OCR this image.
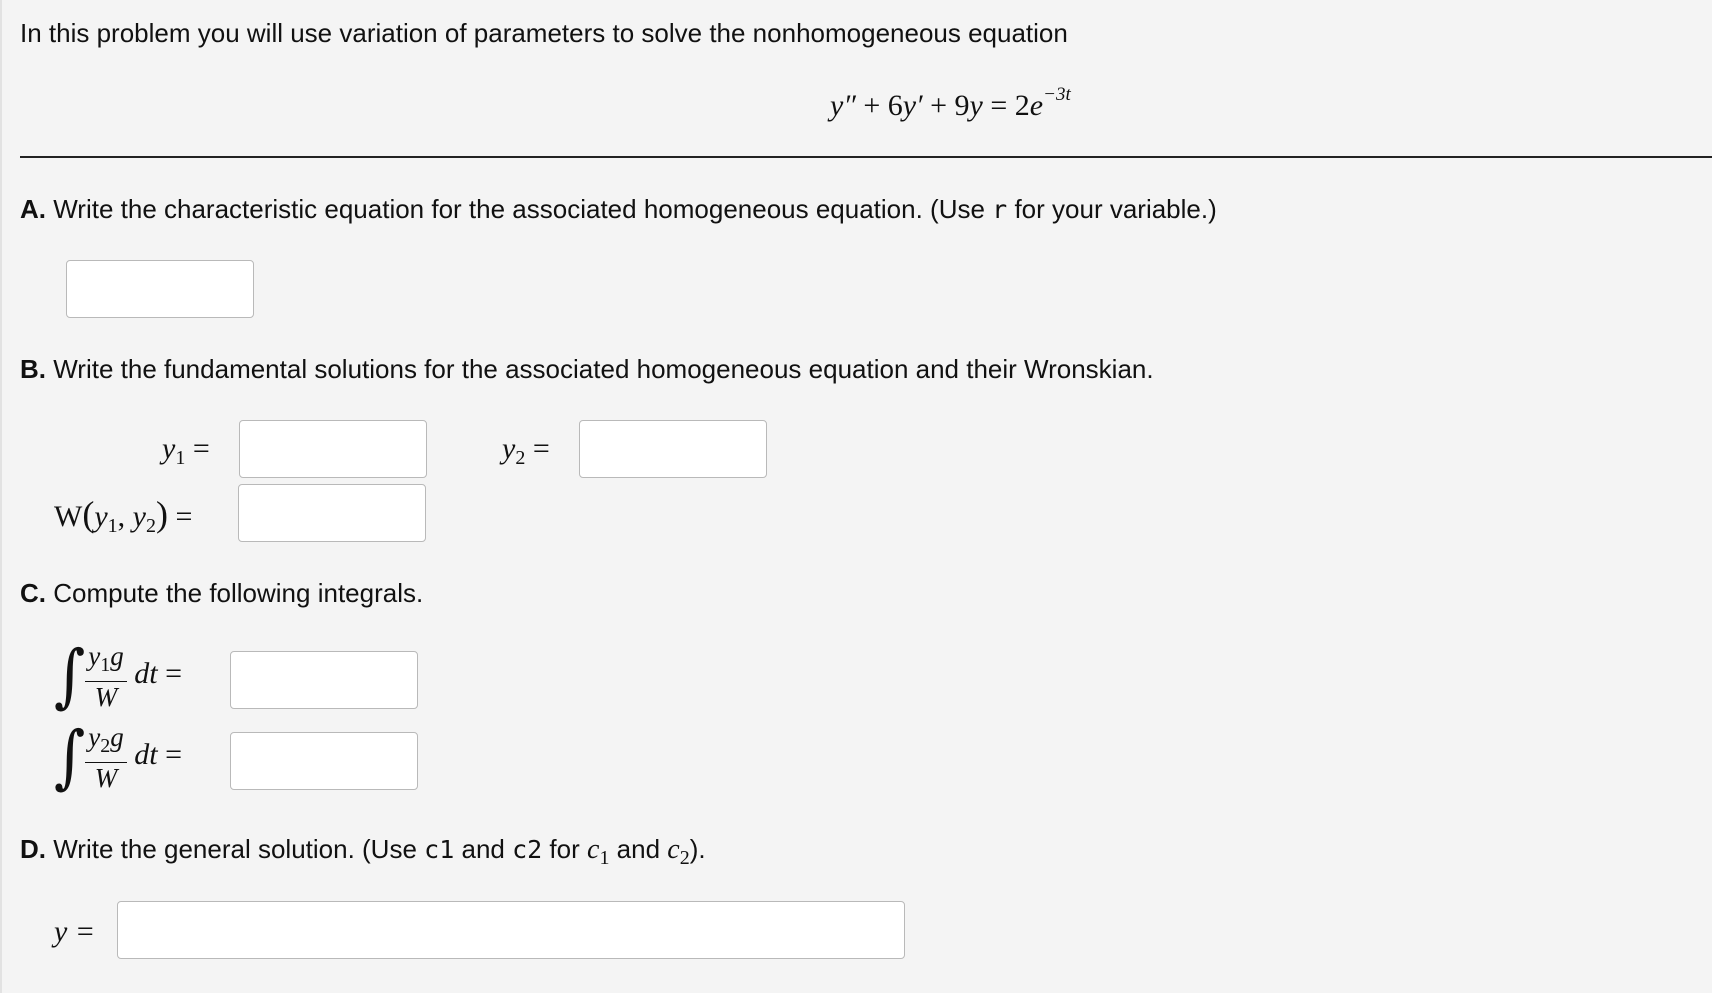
In this problem you will use variation of parameters to solve the nonhomogeneous equation
$y'' + 6y' + 9y = 2e^{-3t}$
A. Write the characteristic equation for the associated homogeneous equation. (Use r for your variable.)
B. Write the fundamental solutions for the associated homogeneous equation and their Wronskian.
$y_1$ =	$y_2$ =
$W(y_1$, $y_2$) =
C. Compute the following integrals.
∫ $\frac{y_1g}{W}$ dt =
∫ $\frac{y_2g}{W}$ dt =
D. Write the general solution. (Use c1 and c2 for $c_1$ and $c_2$).
y =
